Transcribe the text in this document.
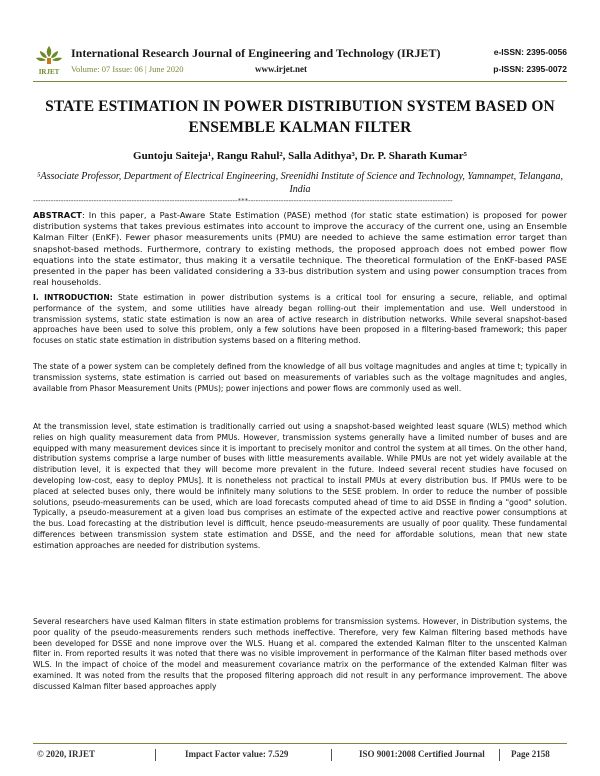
IRJET
International Research Journal of Engineering and Technology (IRJET)
Volume: 07 Issue: 06 | June 2020	www.irjet.net
e-ISSN: 2395-0056
p-ISSN: 2395-0072
STATE ESTIMATION IN POWER DISTRIBUTION SYSTEM BASED ON ENSEMBLE KALMAN FILTER
Guntoju Saiteja¹, Rangu Rahul², Salla Adithya³, Dr. P. Sharath Kumar⁵
⁵Associate Professor, Department of Electrical Engineering, Sreenidhi Institute of Science and Technology, Yamnampet, Telangana, India
---------------------------------------------------------------------------------***---------------------------------------------------------------------------------
ABSTRACT: In this paper, a Past-Aware State Estimation (PASE) method (for static state estimation) is proposed for power distribution systems that takes previous estimates into account to improve the accuracy of the current one, using an Ensemble Kalman Filter (EnKF). Fewer phasor measurements units (PMU) are needed to achieve the same estimation error target than snapshot-based methods. Furthermore, contrary to existing methods, the proposed approach does not embed power flow equations into the state estimator, thus making it a versatile technique. The theoretical formulation of the EnKF-based PASE presented in the paper has been validated considering a 33-bus distribution system and using power consumption traces from real households.
I. INTRODUCTION: State estimation in power distribution systems is a critical tool for ensuring a secure, reliable, and optimal performance of the system, and some utilities have already began rolling-out their implementation and use. Well understood in transmission systems, static state estimation is now an area of active research in distribution networks. While several snapshot-based approaches have been used to solve this problem, only a few solutions have been proposed in a filtering-based framework; this paper focuses on static state estimation in distribution systems based on a filtering method.
The state of a power system can be completely defined from the knowledge of all bus voltage magnitudes and angles at time t; typically in transmission systems, state estimation is carried out based on measurements of variables such as the voltage magnitudes and angles, available from Phasor Measurement Units (PMUs); power injections and power flows are commonly used as well.
At the transmission level, state estimation is traditionally carried out using a snapshot-based weighted least square (WLS) method which relies on high quality measurement data from PMUs. However, transmission systems generally have a limited number of buses and are equipped with many measurement devices since it is important to precisely monitor and control the system at all times. On the other hand, distribution systems comprise a large number of buses with little measurements available. While PMUs are not yet widely available at the distribution level, it is expected that they will become more prevalent in the future. Indeed several recent studies have focused on developing low-cost, easy to deploy PMUs]. It is nonetheless not practical to install PMUs at every distribution bus. If PMUs were to be placed at selected buses only, there would be infinitely many solutions to the SESE problem. In order to reduce the number of possible solutions, pseudo-measurements can be used, which are load forecasts computed ahead of time to aid DSSE in finding a "good" solution. Typically, a pseudo-measurement at a given load bus comprises an estimate of the expected active and reactive power consumptions at the bus. Load forecasting at the distribution level is difficult, hence pseudo-measurements are usually of poor quality. These fundamental differences between transmission system state estimation and DSSE, and the need for affordable solutions, mean that new state estimation approaches are needed for distribution systems.
Several researchers have used Kalman filters in state estimation problems for transmission systems. However, in Distribution systems, the poor quality of the pseudo-measurements renders such methods ineffective. Therefore, very few Kalman filtering based methods have been developed for DSSE and none improve over the WLS. Huang et al. compared the extended Kalman filter to the unscented Kalman filter in. From reported results it was noted that there was no visible improvement in performance of the Kalman filter based methods over WLS. In the impact of choice of the model and measurement covariance matrix on the performance of the extended Kalman filter was examined. It was noted from the results that the proposed filtering approach did not result in any performance improvement. The above discussed Kalman filter based approaches apply
© 2020, IRJET	Impact Factor value: 7.529	ISO 9001:2008 Certified Journal	Page 2158
